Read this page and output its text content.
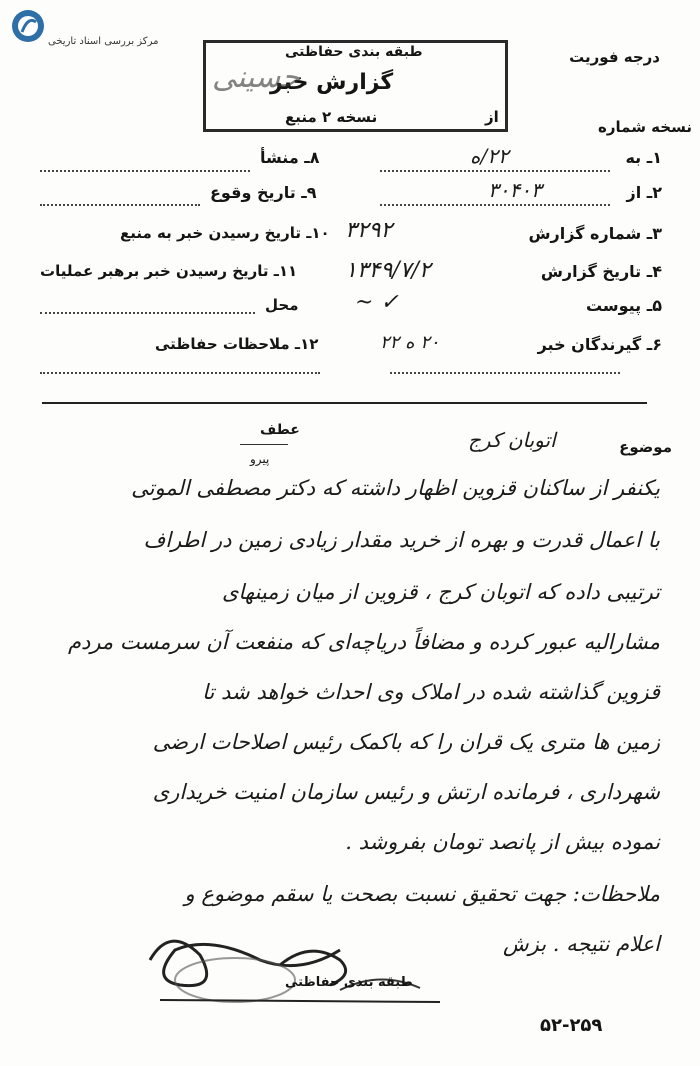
مرکز بررسی اسناد تاریخی
درجه فوریت
طبقه بندی حفاظتی
گزارش خبر
حسینی
از
نسخه ۲ منبع
نسخه شماره
۱ـ به
۲۲/ه
۲ـ از
۳۰۴۰۳
۳ـ شماره گزارش
۳۲۹۲
۴ـ تاریخ گزارش
۱۳۴۹/۷/۲
۵ـ پیوست
✓ ~
۶ـ گیرندگان خبر
۲۰ ه ۲۲
۸ـ منشأ
۹ـ تاریخ وقوع
۱۰ـ تاریخ رسیدن خبر به منبع
۱۱ـ تاریخ رسیدن خبر برهبر عملیات
محل
۱۲ـ ملاحظات حفاظتی
عطف
پیرو
اتوبان کرج	موضوع
یکنفر از ساکنان قزوین اظهار داشته که دکتر مصطفی الموتی
با اعمال قدرت و بهره از خرید مقدار زیادی زمین در اطراف
ترتیبی داده که اتوبان کرج ، قزوین از میان زمینهای
مشارالیه عبور کرده و مضافاً دریاچه‌ای که منفعت آن سرمست مردم
قزوین گذاشته شده در املاک وی احداث خواهد شد تا
زمین ها متری یک قران را که باکمک رئیس اصلاحات ارضی
شهرداری ، فرمانده ارتش و رئیس سازمان امنیت خریداری
نموده بیش از پانصد تومان بفروشد .
ملاحظات: جهت تحقیق نسبت بصحت یا سقم موضوع و
اعلام نتیجه . بزش
طبقه بندی حفاظتی
۵۲-۲۵۹
